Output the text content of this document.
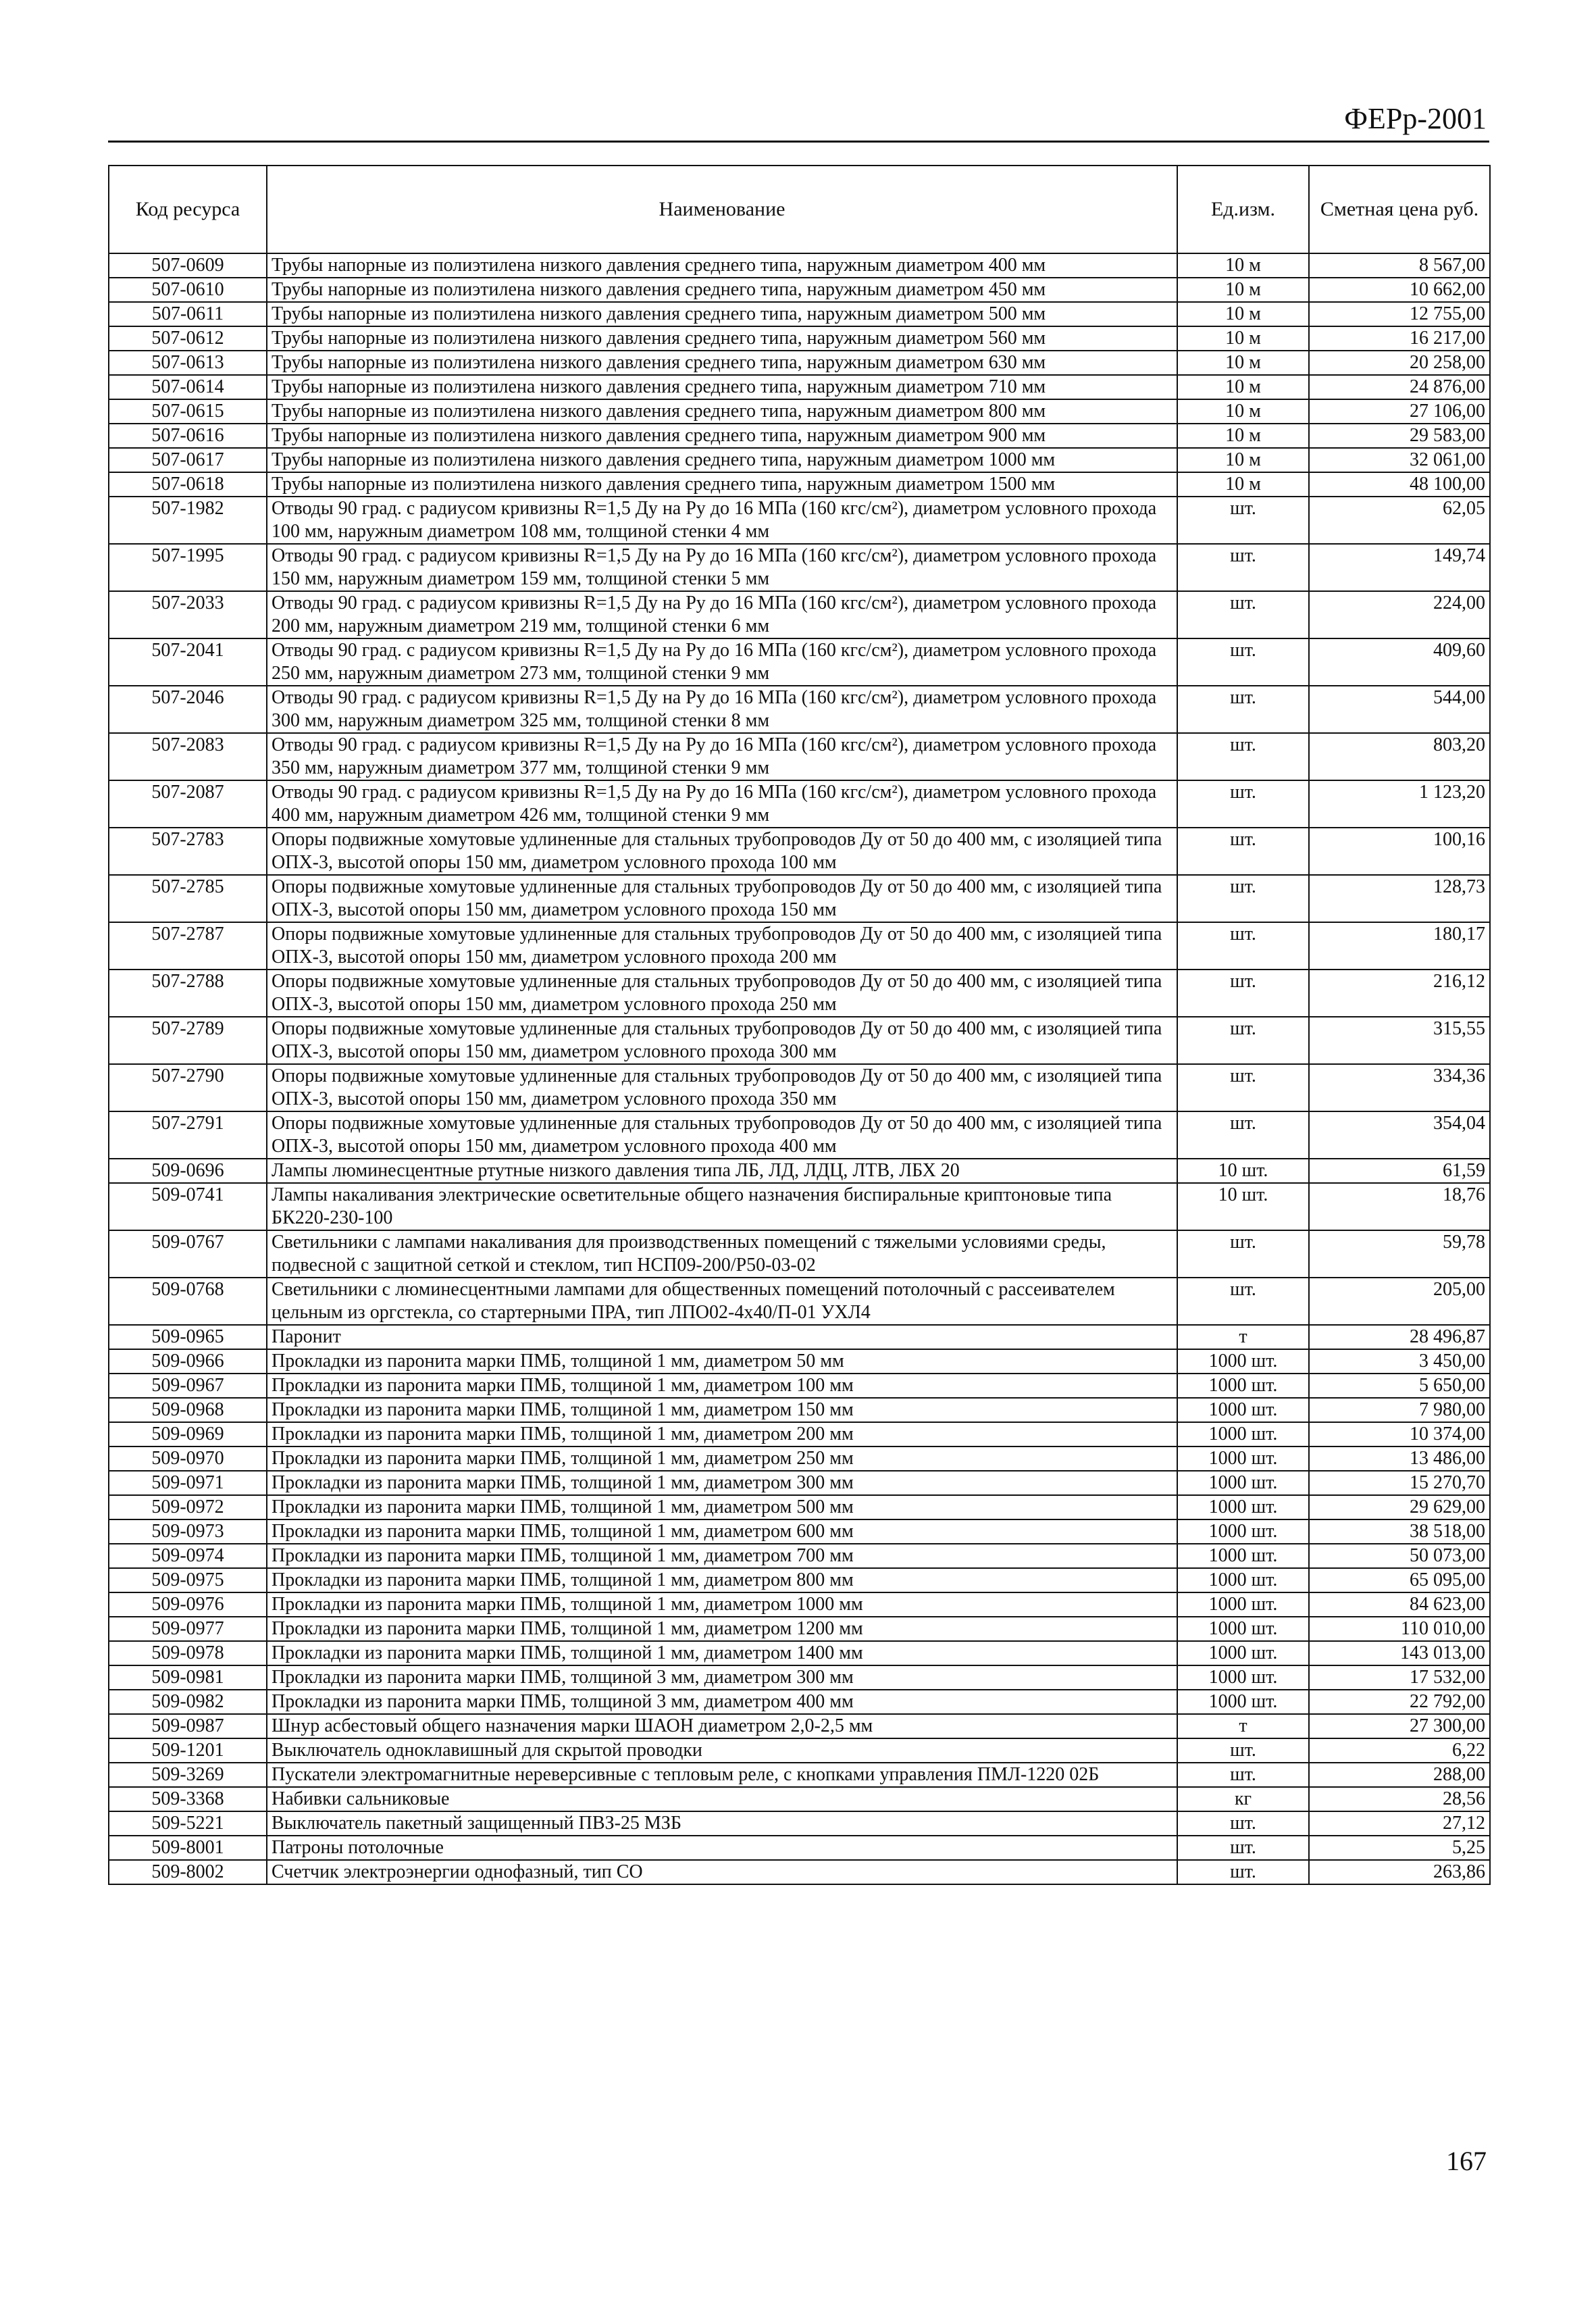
ФЕРр-2001
Код ресурса	Наименование	Ед.изм.	Сметная цена руб.
507-0609	Трубы напорные из полиэтилена низкого давления среднего типа, наружным диаметром 400 мм	10 м	8 567,00
507-0610	Трубы напорные из полиэтилена низкого давления среднего типа, наружным диаметром 450 мм	10 м	10 662,00
507-0611	Трубы напорные из полиэтилена низкого давления среднего типа, наружным диаметром 500 мм	10 м	12 755,00
507-0612	Трубы напорные из полиэтилена низкого давления среднего типа, наружным диаметром 560 мм	10 м	16 217,00
507-0613	Трубы напорные из полиэтилена низкого давления среднего типа, наружным диаметром 630 мм	10 м	20 258,00
507-0614	Трубы напорные из полиэтилена низкого давления среднего типа, наружным диаметром 710 мм	10 м	24 876,00
507-0615	Трубы напорные из полиэтилена низкого давления среднего типа, наружным диаметром 800 мм	10 м	27 106,00
507-0616	Трубы напорные из полиэтилена низкого давления среднего типа, наружным диаметром 900 мм	10 м	29 583,00
507-0617	Трубы напорные из полиэтилена низкого давления среднего типа, наружным диаметром 1000 мм	10 м	32 061,00
507-0618	Трубы напорные из полиэтилена низкого давления среднего типа, наружным диаметром 1500 мм	10 м	48 100,00
507-1982	Отводы 90 град. с радиусом кривизны R=1,5 Ду на Ру до 16 МПа (160 кгс/см²), диаметром условного прохода 100 мм, наружным диаметром 108 мм, толщиной стенки 4 мм	шт.	62,05
507-1995	Отводы 90 град. с радиусом кривизны R=1,5 Ду на Ру до 16 МПа (160 кгс/см²), диаметром условного прохода 150 мм, наружным диаметром 159 мм, толщиной стенки 5 мм	шт.	149,74
507-2033	Отводы 90 град. с радиусом кривизны R=1,5 Ду на Ру до 16 МПа (160 кгс/см²), диаметром условного прохода 200 мм, наружным диаметром 219 мм, толщиной стенки 6 мм	шт.	224,00
507-2041	Отводы 90 град. с радиусом кривизны R=1,5 Ду на Ру до 16 МПа (160 кгс/см²), диаметром условного прохода 250 мм, наружным диаметром 273 мм, толщиной стенки 9 мм	шт.	409,60
507-2046	Отводы 90 град. с радиусом кривизны R=1,5 Ду на Ру до 16 МПа (160 кгс/см²), диаметром условного прохода 300 мм, наружным диаметром 325 мм, толщиной стенки 8 мм	шт.	544,00
507-2083	Отводы 90 град. с радиусом кривизны R=1,5 Ду на Ру до 16 МПа (160 кгс/см²), диаметром условного прохода 350 мм, наружным диаметром 377 мм, толщиной стенки 9 мм	шт.	803,20
507-2087	Отводы 90 град. с радиусом кривизны R=1,5 Ду на Ру до 16 МПа (160 кгс/см²), диаметром условного прохода 400 мм, наружным диаметром 426 мм, толщиной стенки 9 мм	шт.	1 123,20
507-2783	Опоры подвижные хомутовые удлиненные для стальных трубопроводов Ду от 50 до 400 мм, с изоляцией типа ОПХ-3, высотой опоры 150 мм, диаметром условного прохода 100 мм	шт.	100,16
507-2785	Опоры подвижные хомутовые удлиненные для стальных трубопроводов Ду от 50 до 400 мм, с изоляцией типа ОПХ-3, высотой опоры 150 мм, диаметром условного прохода 150 мм	шт.	128,73
507-2787	Опоры подвижные хомутовые удлиненные для стальных трубопроводов Ду от 50 до 400 мм, с изоляцией типа ОПХ-3, высотой опоры 150 мм, диаметром условного прохода 200 мм	шт.	180,17
507-2788	Опоры подвижные хомутовые удлиненные для стальных трубопроводов Ду от 50 до 400 мм, с изоляцией типа ОПХ-3, высотой опоры 150 мм, диаметром условного прохода 250 мм	шт.	216,12
507-2789	Опоры подвижные хомутовые удлиненные для стальных трубопроводов Ду от 50 до 400 мм, с изоляцией типа ОПХ-3, высотой опоры 150 мм, диаметром условного прохода 300 мм	шт.	315,55
507-2790	Опоры подвижные хомутовые удлиненные для стальных трубопроводов Ду от 50 до 400 мм, с изоляцией типа ОПХ-3, высотой опоры 150 мм, диаметром условного прохода 350 мм	шт.	334,36
507-2791	Опоры подвижные хомутовые удлиненные для стальных трубопроводов Ду от 50 до 400 мм, с изоляцией типа ОПХ-3, высотой опоры 150 мм, диаметром условного прохода 400 мм	шт.	354,04
509-0696	Лампы люминесцентные ртутные низкого давления типа ЛБ, ЛД, ЛДЦ, ЛТВ, ЛБХ 20	10 шт.	61,59
509-0741	Лампы накаливания электрические осветительные общего назначения биспиральные криптоновые типа БК220-230-100	10 шт.	18,76
509-0767	Светильники с лампами накаливания для производственных помещений с тяжелыми условиями среды, подвесной с защитной сеткой и стеклом, тип НСП09-200/Р50-03-02	шт.	59,78
509-0768	Светильники с люминесцентными лампами для общественных помещений потолочный с рассеивателем цельным из оргстекла, со стартерными ПРА, тип ЛПО02-4х40/П-01 УХЛ4	шт.	205,00
509-0965	Паронит	т	28 496,87
509-0966	Прокладки из паронита марки ПМБ, толщиной 1 мм, диаметром 50 мм	1000 шт.	3 450,00
509-0967	Прокладки из паронита марки ПМБ, толщиной 1 мм, диаметром 100 мм	1000 шт.	5 650,00
509-0968	Прокладки из паронита марки ПМБ, толщиной 1 мм, диаметром 150 мм	1000 шт.	7 980,00
509-0969	Прокладки из паронита марки ПМБ, толщиной 1 мм, диаметром 200 мм	1000 шт.	10 374,00
509-0970	Прокладки из паронита марки ПМБ, толщиной 1 мм, диаметром 250 мм	1000 шт.	13 486,00
509-0971	Прокладки из паронита марки ПМБ, толщиной 1 мм, диаметром 300 мм	1000 шт.	15 270,70
509-0972	Прокладки из паронита марки ПМБ, толщиной 1 мм, диаметром 500 мм	1000 шт.	29 629,00
509-0973	Прокладки из паронита марки ПМБ, толщиной 1 мм, диаметром 600 мм	1000 шт.	38 518,00
509-0974	Прокладки из паронита марки ПМБ, толщиной 1 мм, диаметром 700 мм	1000 шт.	50 073,00
509-0975	Прокладки из паронита марки ПМБ, толщиной 1 мм, диаметром 800 мм	1000 шт.	65 095,00
509-0976	Прокладки из паронита марки ПМБ, толщиной 1 мм, диаметром 1000 мм	1000 шт.	84 623,00
509-0977	Прокладки из паронита марки ПМБ, толщиной 1 мм, диаметром 1200 мм	1000 шт.	110 010,00
509-0978	Прокладки из паронита марки ПМБ, толщиной 1 мм, диаметром 1400 мм	1000 шт.	143 013,00
509-0981	Прокладки из паронита марки ПМБ, толщиной 3 мм, диаметром 300 мм	1000 шт.	17 532,00
509-0982	Прокладки из паронита марки ПМБ, толщиной 3 мм, диаметром 400 мм	1000 шт.	22 792,00
509-0987	Шнур асбестовый общего назначения марки ШАОН диаметром 2,0-2,5 мм	т	27 300,00
509-1201	Выключатель одноклавишный для скрытой проводки	шт.	6,22
509-3269	Пускатели электромагнитные нереверсивные с тепловым реле, с кнопками управления ПМЛ-1220 02Б	шт.	288,00
509-3368	Набивки сальниковые	кг	28,56
509-5221	Выключатель пакетный защищенный ПВЗ-25 МЗБ	шт.	27,12
509-8001	Патроны потолочные	шт.	5,25
509-8002	Счетчик электроэнергии однофазный, тип СО	шт.	263,86
167
